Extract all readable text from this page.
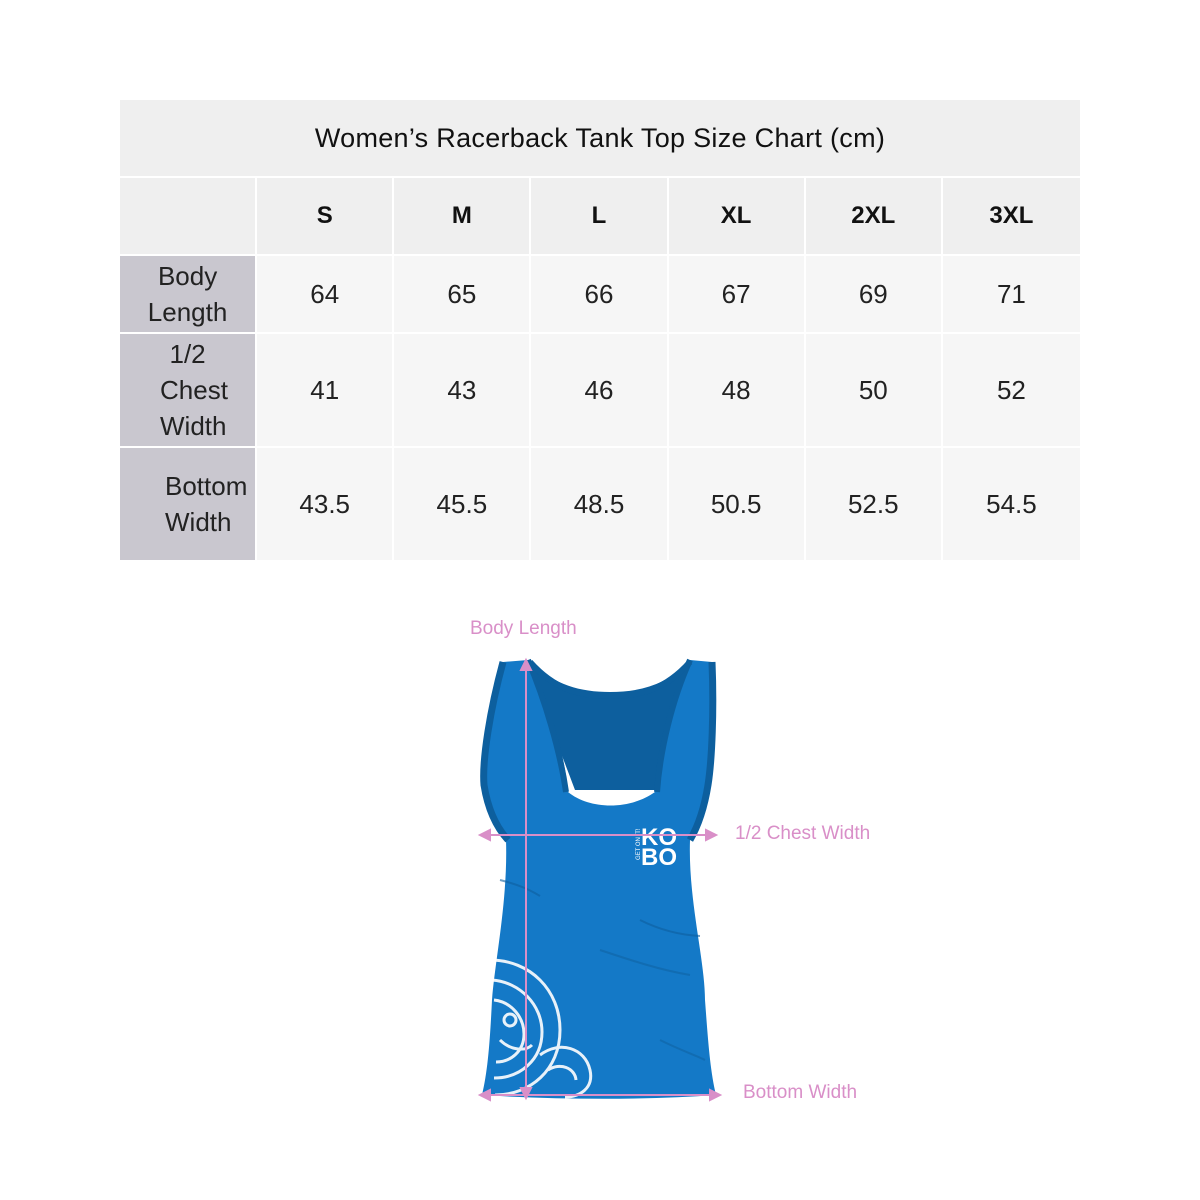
Women’s Racerback Tank Top Size Chart (cm)						
	S	M	L	XL	2XL	3XL
Body Length	64	65	66	67	69	71
1/2 Chest Width	41	43	46	48	50	52
Bottom Width	43.5	45.5	48.5	50.5	52.5	54.5
Body Length
1/2 Chest Width
Bottom Width
KO
BO
GET ON IT!
